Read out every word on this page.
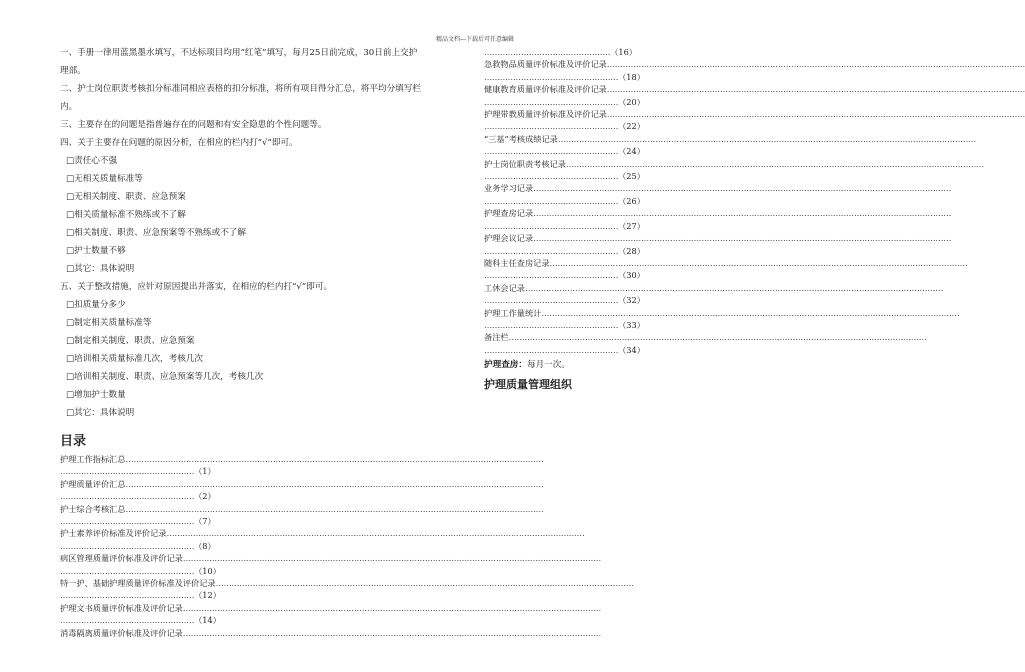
精品文档---下载后可任意编辑

一、手册一律用蓝黑墨水填写，不达标项目均用“红笔”填写，每月25日前完成，30日前上交护

理部。

二、护士岗位职责考核扣分标准同相应表格的扣分标准，将所有项目得分汇总，将平均分填写栏

内。

三、主要存在的问题是指普遍存在的问题和有安全隐患的个性问题等。

四、关于主要存在问题的原因分析，在相应的栏内打“√”即可。

□责任心不强

□无相关质量标准等

□无相关制度、职责、应急预案

□相关质量标准不熟练或不了解

□相关制度、职责、应急预案等不熟练或不了解

□护士数量不够

□其它：具体说明

五、关于整改措施，应针对原因提出并落实，在相应的栏内打“√”即可。

□扣质量分多少

□制定相关质量标准等

□制定相关制度、职责、应急预案

□培训相关质量标准几次，考核几次

□培训相关制度、职责、应急预案等几次，考核几次

□增加护士数量

□其它：具体说明

目录
护理工作指标汇总……………………………………………………………………………………………………………………………………………
……………………………………………（1）
护理质量评价汇总……………………………………………………………………………………………………………………………………………
……………………………………………（2）
护士综合考核汇总……………………………………………………………………………………………………………………………………………
……………………………………………（7）
护士素养评价标准及评价记录……………………………………………………………………………………………………………………………………………
……………………………………………（8）
病区管理质量评价标准及评价记录……………………………………………………………………………………………………………………………………………
……………………………………………（10）
特一护、基础护理质量评价标准及评价记录……………………………………………………………………………………………………………………………………………
……………………………………………（12）
护理文书质量评价标准及评价记录……………………………………………………………………………………………………………………………………………
……………………………………………（14）
消毒隔离质量评价标准及评价记录……………………………………………………………………………………………………………………………………………
…………………………………………（16）
急救物品质量评价标准及评价记录……………………………………………………………………………………………………………………………………………
……………………………………………（18）
健康教育质量评价标准及评价记录……………………………………………………………………………………………………………………………………………
……………………………………………（20）
护理带教质量评价标准及评价记录……………………………………………………………………………………………………………………………………………
……………………………………………（22）
“三基”考核成绩记录……………………………………………………………………………………………………………………………………………
……………………………………………（24）
护士岗位职责考核记录……………………………………………………………………………………………………………………………………………
……………………………………………（25）
业务学习记录……………………………………………………………………………………………………………………………………………
……………………………………………（26）
护理查房记录……………………………………………………………………………………………………………………………………………
……………………………………………（27）
护理会议记录……………………………………………………………………………………………………………………………………………
……………………………………………（28）
随科主任查房记录……………………………………………………………………………………………………………………………………………
……………………………………………（30）
工休会记录……………………………………………………………………………………………………………………………………………
……………………………………………（32）
护理工作量统计……………………………………………………………………………………………………………………………………………
……………………………………………（33）
备注栏……………………………………………………………………………………………………………………………………………
……………………………………………（34）
护理查房：每月一次。
护理质量管理组织
